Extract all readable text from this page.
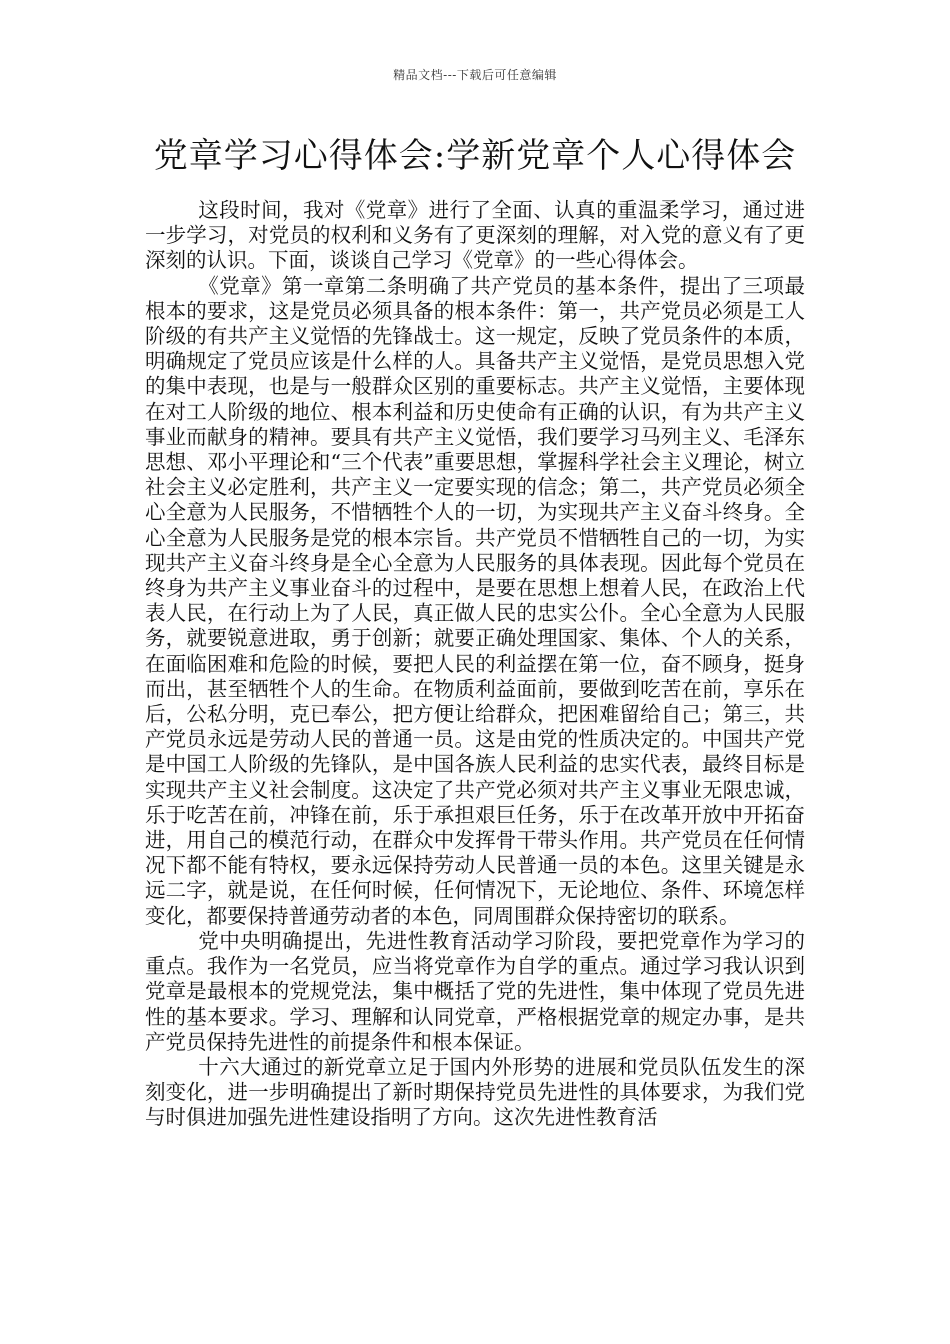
精品文档---下载后可任意编辑
党章学习心得体会:学新党章个人心得体会

这段时间，我对《党章》进行了全面、认真的重温柔学习，通过进一步学习，对党员的权利和义务有了更深刻的理解，对入党的意义有了更深刻的认识。下面，谈谈自己学习《党章》的一些心得体会。

《党章》第一章第二条明确了共产党员的基本条件，提出了三项最根本的要求，这是党员必须具备的根本条件：第一，共产党员必须是工人阶级的有共产主义觉悟的先锋战士。这一规定，反映了党员条件的本质，明确规定了党员应该是什么样的人。具备共产主义觉悟，是党员思想入党的集中表现，也是与一般群众区别的重要标志。共产主义觉悟，主要体现在对工人阶级的地位、根本利益和历史使命有正确的认识，有为共产主义事业而献身的精神。要具有共产主义觉悟，我们要学习马列主义、毛泽东思想、邓小平理论和“三个代表”重要思想，掌握科学社会主义理论，树立社会主义必定胜利，共产主义一定要实现的信念；第二，共产党员必须全心全意为人民服务，不惜牺牲个人的一切，为实现共产主义奋斗终身。全心全意为人民服务是党的根本宗旨。共产党员不惜牺牲自己的一切，为实现共产主义奋斗终身是全心全意为人民服务的具体表现。因此每个党员在终身为共产主义事业奋斗的过程中，是要在思想上想着人民，在政治上代表人民，在行动上为了人民，真正做人民的忠实公仆。全心全意为人民服务，就要锐意进取，勇于创新；就要正确处理国家、集体、个人的关系，在面临困难和危险的时候，要把人民的利益摆在第一位，奋不顾身，挺身而出，甚至牺牲个人的生命。在物质利益面前，要做到吃苦在前，享乐在后，公私分明，克已奉公，把方便让给群众，把困难留给自己；第三，共产党员永远是劳动人民的普通一员。这是由党的性质决定的。中国共产党是中国工人阶级的先锋队，是中国各族人民利益的忠实代表，最终目标是实现共产主义社会制度。这决定了共产党必须对共产主义事业无限忠诚，乐于吃苦在前，冲锋在前，乐于承担艰巨任务，乐于在改革开放中开拓奋进，用自己的模范行动，在群众中发挥骨干带头作用。共产党员在任何情况下都不能有特权，要永远保持劳动人民普通一员的本色。这里关键是永远二字，就是说，在任何时候，任何情况下，无论地位、条件、环境怎样变化，都要保持普通劳动者的本色，同周围群众保持密切的联系。

党中央明确提出，先进性教育活动学习阶段，要把党章作为学习的重点。我作为一名党员，应当将党章作为自学的重点。通过学习我认识到党章是最根本的党规党法，集中概括了党的先进性，集中体现了党员先进性的基本要求。学习、理解和认同党章，严格根据党章的规定办事，是共产党员保持先进性的前提条件和根本保证。

十六大通过的新党章立足于国内外形势的进展和党员队伍发生的深刻变化，进一步明确提出了新时期保持党员先进性的具体要求，为我们党与时俱进加强先进性建设指明了方向。这次先进性教育活
